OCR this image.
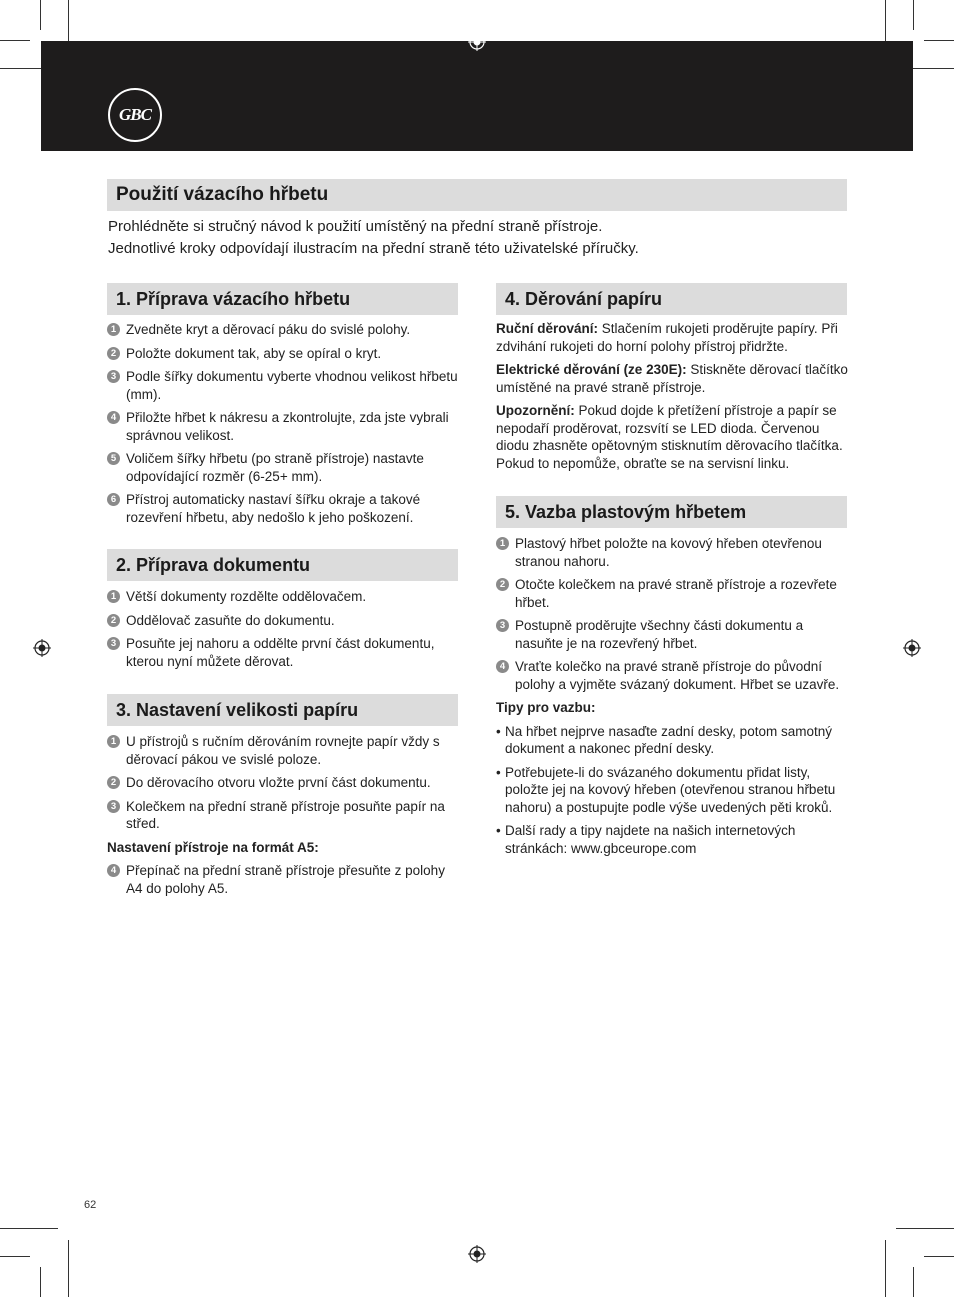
GBC
Použití vázacího hřbetu
Prohlédněte si stručný návod k použití umístěný na přední straně přístroje.
Jednotlivé kroky odpovídají ilustracím na přední straně této uživatelské příručky.
1. Příprava vázacího hřbetu
1 Zvedněte kryt a děrovací páku do svislé polohy.
2 Položte dokument tak, aby se opíral o kryt.
3 Podle šířky dokumentu vyberte vhodnou velikost hřbetu (mm).
4 Přiložte hřbet k nákresu a zkontrolujte, zda jste vybrali správnou velikost.
5 Voličem šířky hřbetu (po straně přístroje) nastavte odpovídající rozměr (6-25+ mm).
6 Přístroj automaticky nastaví šířku okraje a takové rozevření hřbetu, aby nedošlo k jeho poškození.
2. Příprava dokumentu
1 Větší dokumenty rozdělte oddělovačem.
2 Oddělovač zasuňte do dokumentu.
3 Posuňte jej nahoru a oddělte první část dokumentu, kterou nyní můžete děrovat.
3. Nastavení velikosti papíru
1 U přístrojů s ručním děrováním rovnejte papír vždy s děrovací pákou ve svislé poloze.
2 Do děrovacího otvoru vložte první část dokumentu.
3 Kolečkem na přední straně přístroje posuňte papír na střed.
Nastavení přístroje na formát A5:
4 Přepínač na přední straně přístroje přesuňte z polohy A4 do polohy A5.
4. Děrování papíru
Ruční děrování: Stlačením rukojeti proděrujte papíry. Při zdvihání rukojeti do horní polohy přístroj přidržte.
Elektrické děrování (ze 230E): Stiskněte děrovací tlačítko umístěné na pravé straně přístroje.
Upozornění: Pokud dojde k přetížení přístroje a papír se nepodaří proděrovat, rozsvítí se LED dioda. Červenou diodu zhasněte opětovným stisknutím děrovacího tlačítka. Pokud to nepomůže, obraťte se na servisní linku.
5. Vazba plastovým hřbetem
1 Plastový hřbet položte na kovový hřeben otevřenou stranou nahoru.
2 Otočte kolečkem na pravé straně přístroje a rozevřete hřbet.
3 Postupně proděrujte všechny části dokumentu a nasuňte je na rozevřený hřbet.
4 Vraťte kolečko na pravé straně přístroje do původní polohy a vyjměte svázaný dokument. Hřbet se uzavře.
Tipy pro vazbu:
• Na hřbet nejprve nasaďte zadní desky, potom samotný dokument a nakonec přední desky.
• Potřebujete-li do svázaného dokumentu přidat listy, položte jej na kovový hřeben (otevřenou stranou hřbetu nahoru) a postupujte podle výše uvedených pěti kroků.
• Další rady a tipy najdete na našich internetových stránkách: www.gbceurope.com
62
